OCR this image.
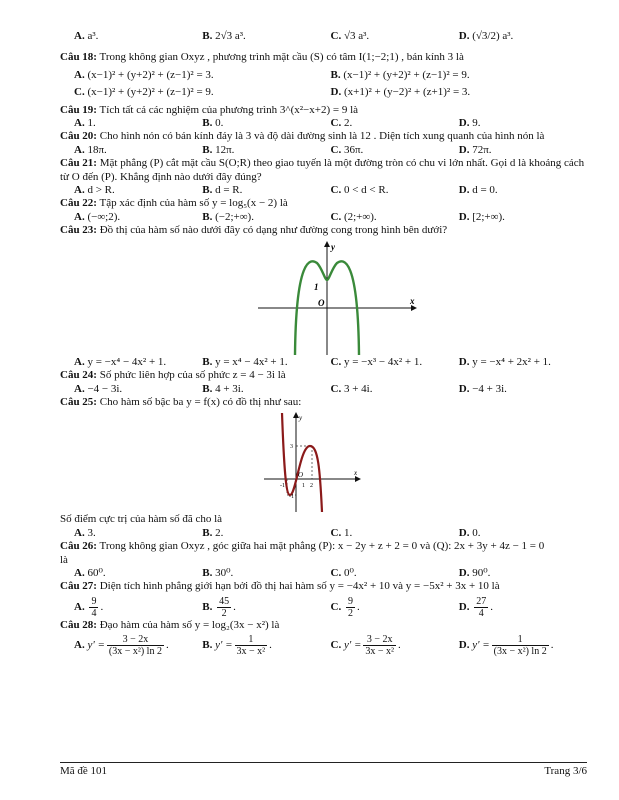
A. a³.	B. 2√3 a³.	C. √3 a³.	D. (√3/2) a³.
Câu 18: Trong không gian Oxyz , phương trình mặt cầu (S) có tâm I(1;−2;1) , bán kính 3 là
A. (x−1)² + (y+2)² + (z−1)² = 3.	B. (x−1)² + (y+2)² + (z−1)² = 9.
C. (x−1)² + (y+2)² + (z−1)² = 9.	D. (x+1)² + (y−2)² + (z+1)² = 3.
Câu 19: Tích tất cả các nghiệm của phương trình 3^(x²−x+2) = 9 là
A. 1.	B. 0.	C. 2.	D. 9.
Câu 20: Cho hình nón có bán kính đáy là 3 và độ dài đường sinh là 12 . Diện tích xung quanh của hình nón là
A. 18π.	B. 12π.	C. 36π.	D. 72π.
Câu 21: Mặt phẳng (P) cắt mặt cầu S(O;R) theo giao tuyến là một đường tròn có chu vi lớn nhất. Gọi d là khoảng cách từ O đến (P). Khẳng định nào dưới đây đúng?
A. d > R.	B. d = R.	C. 0 < d < R.	D. d = 0.
Câu 22: Tập xác định của hàm số y = log₅(x − 2) là
A. (−∞;2).	B. (−2;+∞).	C. (2;+∞).	D. [2;+∞).
Câu 23: Đồ thị của hàm số nào dưới đây có dạng như đường cong trong hình bên dưới?
y
x
O
1
A. y = −x⁴ − 4x² + 1.	B. y = x⁴ − 4x² + 1.	C. y = −x³ − 4x² + 1.	D. y = −x⁴ + 2x² + 1.
Câu 24: Số phức liên hợp của số phức z = 4 − 3i là
A. −4 − 3i.	B. 4 + 3i.	C. 3 + 4i.	D. −4 + 3i.
Câu 25: Cho hàm số bậc ba y = f(x) có đồ thị như sau:
y
x
O
-1	1 2
3
-1
Số điểm cực trị của hàm số đã cho là
A. 3.	B. 2.	C. 1.	D. 0.
Câu 26: Trong không gian Oxyz , góc giữa hai mặt phẳng (P): x − 2y + z + 2 = 0 và (Q): 2x + 3y + 4z − 1 = 0
là
A. 60⁰.	B. 30⁰.	C. 0⁰.	D. 90⁰.
Câu 27: Diện tích hình phẳng giới hạn bởi đồ thị hai hàm số y = −4x² + 10 và y = −5x² + 3x + 10 là
A. $\frac{9}{4}$ .	B. $\frac{45}{2}$ .	C. $\frac{9}{2}$ .	D. $\frac{27}{4}$ .
Câu 28: Đạo hàm của hàm số y = log₂(3x − x²) là
A. $y' = \frac{3 - 2x}{\text{(3x − x²) ln 2}}$ .	B. $y' = \frac{1}{\text{3x − x²}}$ .	C. $y' = \frac{3 - 2x}{\text{3x − x²}}$ .	D. $y' = \frac{1}{\text{(3x − x²) ln 2}}$ .
Mã đề 101	Trang 3/6
